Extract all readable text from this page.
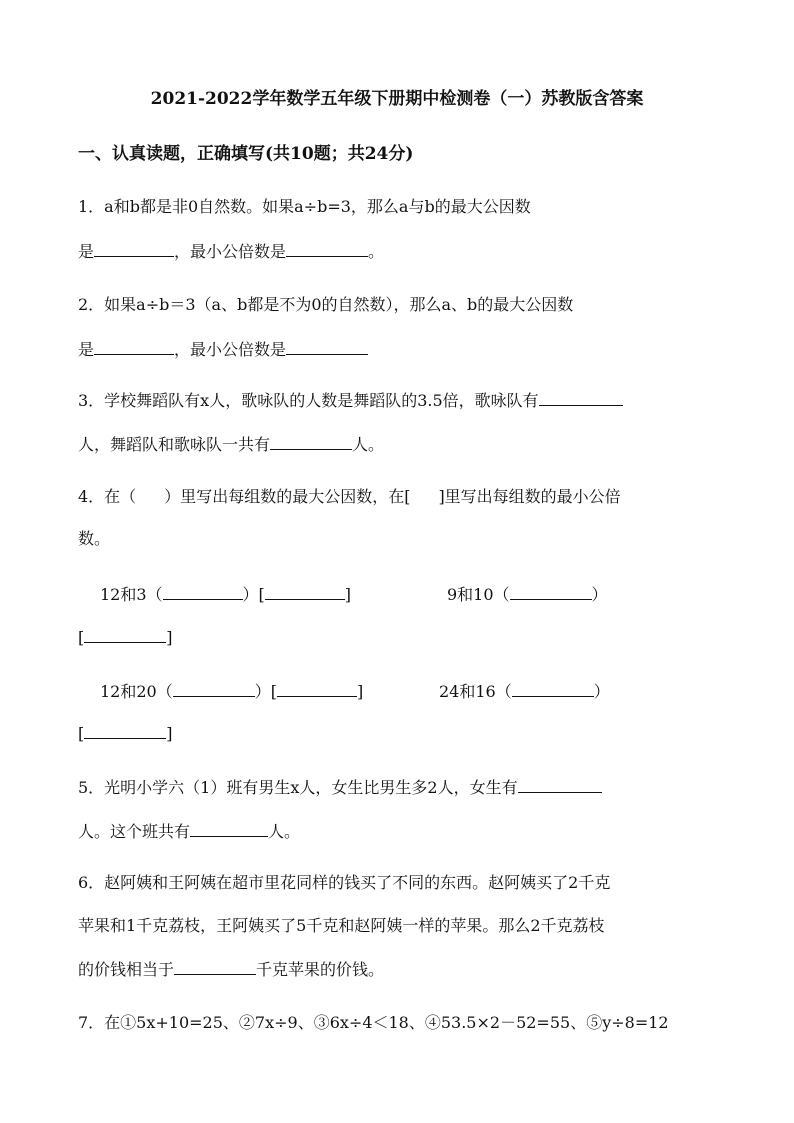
2021-2022学年数学五年级下册期中检测卷（一）苏教版含答案
一、认真读题，正确填写(共10题；共24分)
1．a和b都是非0自然数。如果a÷b=3，那么a与b的最大公因数
是	，最小公倍数是	。
2．如果a÷b＝3（a、b都是不为0的自然数），那么a、b的最大公因数
是	，最小公倍数是
3．学校舞蹈队有x人，歌咏队的人数是舞蹈队的3.5倍，歌咏队有
人，舞蹈队和歌咏队一共有	人。
4．在（ ）里写出每组数的最大公因数，在[ ]里写出每组数的最小公倍
数。
12和3（	）[	]	9和10（	）
[	]
12和20（	）[	]	24和16（	）
[	]
5．光明小学六（1）班有男生x人，女生比男生多2人，女生有
人。这个班共有	人。
6．赵阿姨和王阿姨在超市里花同样的钱买了不同的东西。赵阿姨买了2千克
苹果和1千克荔枝，王阿姨买了5千克和赵阿姨一样的苹果。那么2千克荔枝
的价钱相当于	千克苹果的价钱。
7．在①5x+10=25、②7x÷9、③6x÷4＜18、④53.5×2－52=55、⑤y÷8=12
